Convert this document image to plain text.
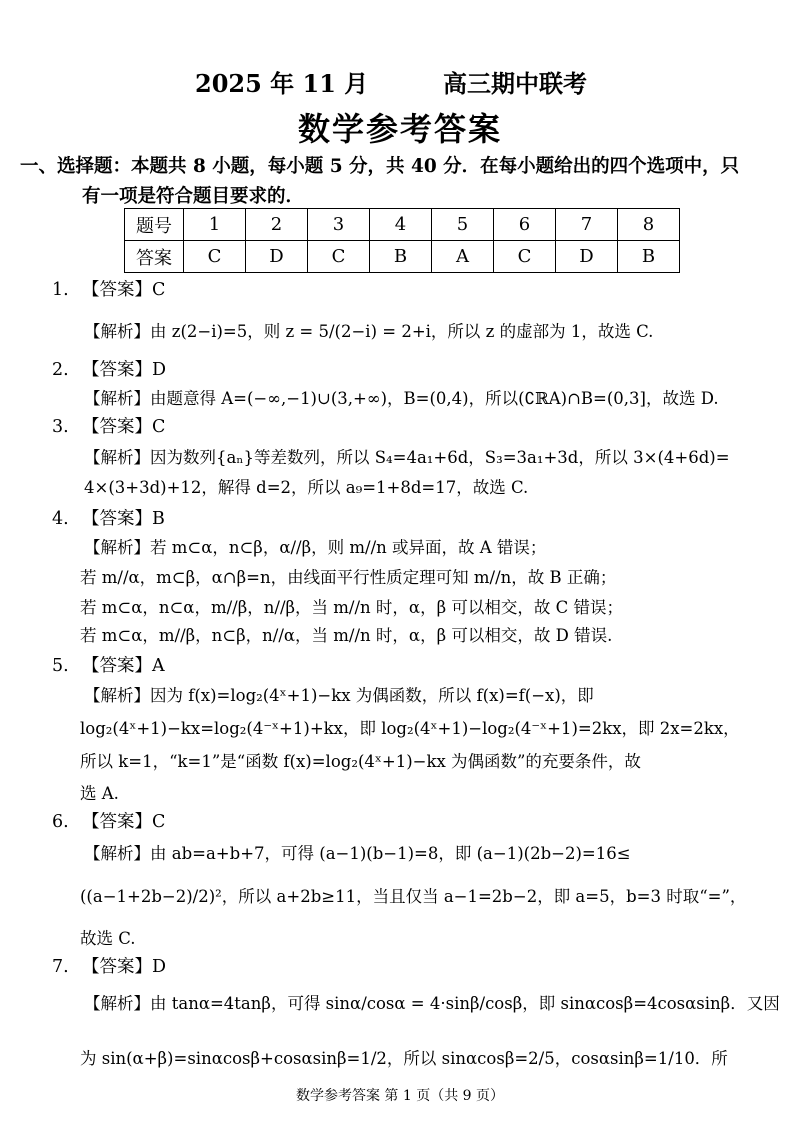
2025 年 11 月	高三期中联考
数学参考答案
一、选择题：本题共 8 小题，每小题 5 分，共 40 分．在每小题给出的四个选项中，只
有一项是符合题目要求的．
题号	1	2	3	4	5	6	7	8
答案	C	D	C	B	A	C	D	B
1. 【答案】C
【解析】由 z(2−i)=5，则 z = 5/(2−i) = 2+i，所以 z 的虚部为 1，故选 C.
2. 【答案】D
【解析】由题意得 A=(−∞,−1)∪(3,+∞)，B=(0,4)，所以(∁ℝA)∩B=(0,3]，故选 D.
3. 【答案】C
【解析】因为数列{aₙ}等差数列，所以 S₄=4a₁+6d，S₃=3a₁+3d，所以 3×(4+6d)=
4×(3+3d)+12，解得 d=2，所以 a₉=1+8d=17，故选 C.
4. 【答案】B
【解析】若 m⊂α，n⊂β，α//β，则 m//n 或异面，故 A 错误；
若 m//α，m⊂β，α∩β=n，由线面平行性质定理可知 m//n，故 B 正确；
若 m⊂α，n⊂α，m//β，n//β，当 m//n 时，α，β 可以相交，故 C 错误；
若 m⊂α，m//β，n⊂β，n//α，当 m//n 时，α，β 可以相交，故 D 错误.
5. 【答案】A
【解析】因为 f(x)=log₂(4ˣ+1)−kx 为偶函数，所以 f(x)=f(−x)，即
log₂(4ˣ+1)−kx=log₂(4⁻ˣ+1)+kx，即 log₂(4ˣ+1)−log₂(4⁻ˣ+1)=2kx，即 2x=2kx，
所以 k=1，“k=1”是“函数 f(x)=log₂(4ˣ+1)−kx 为偶函数”的充要条件，故
选 A.
6. 【答案】C
【解析】由 ab=a+b+7，可得 (a−1)(b−1)=8，即 (a−1)(2b−2)=16≤
((a−1+2b−2)/2)²，所以 a+2b≥11，当且仅当 a−1=2b−2，即 a=5，b=3 时取“=”，
故选 C.
7. 【答案】D
【解析】由 tanα=4tanβ，可得 sinα/cosα = 4·sinβ/cosβ，即 sinαcosβ=4cosαsinβ．又因
为 sin(α+β)=sinαcosβ+cosαsinβ=1/2，所以 sinαcosβ=2/5，cosαsinβ=1/10．所
数学参考答案 第 1 页（共 9 页）
